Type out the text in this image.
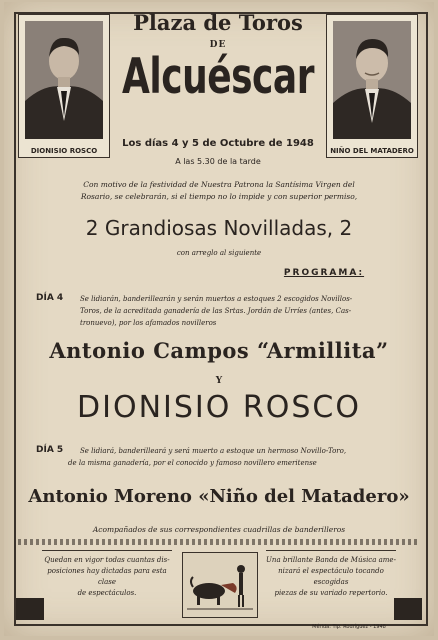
DIONISIO ROSCO	NIÑO DEL MATADERO
Plaza de Toros
DE
Alcuéscar
Los días 4 y 5 de Octubre de 1948
A las 5.30 de la tarde
Con motivo de la festividad de Nuestra Patrona la Santísima Virgen del
Rosario, se celebrarán, si el tiempo no lo impide y con superior permiso,
2 Grandiosas Novilladas, 2
con arreglo al siguiente
PROGRAMA:
DÍA 4	Se lidiarán, banderillearán y serán muertos a estoques 2 escogidos Novillos-
Toros, de la acreditada ganadería de las Srtas. Jordán de Urríes (antes, Cas-
tronuevo), por los afamados novilleros
Antonio Campos “Armillita”
Y
DIONISIO ROSCO
DÍA 5	Se lidiará, banderilleará y será muerto a estoque un hermoso Novillo-Toro,
de la misma ganadería, por el conocido y famoso novillero emeritense
Antonio Moreno «Niño del Matadero»
Acompañados de sus correspondientes cuadrillas de banderilleros
Quedan en vigor todas cuantas dis-
posiciones hay dictadas para esta clase
de espectáculos.
Una brillante Banda de Música ame-
nizará el espectáculo tocando escogidas
piezas de su variado repertorio.
Mérida: Tip. Rodríguez - 1948
